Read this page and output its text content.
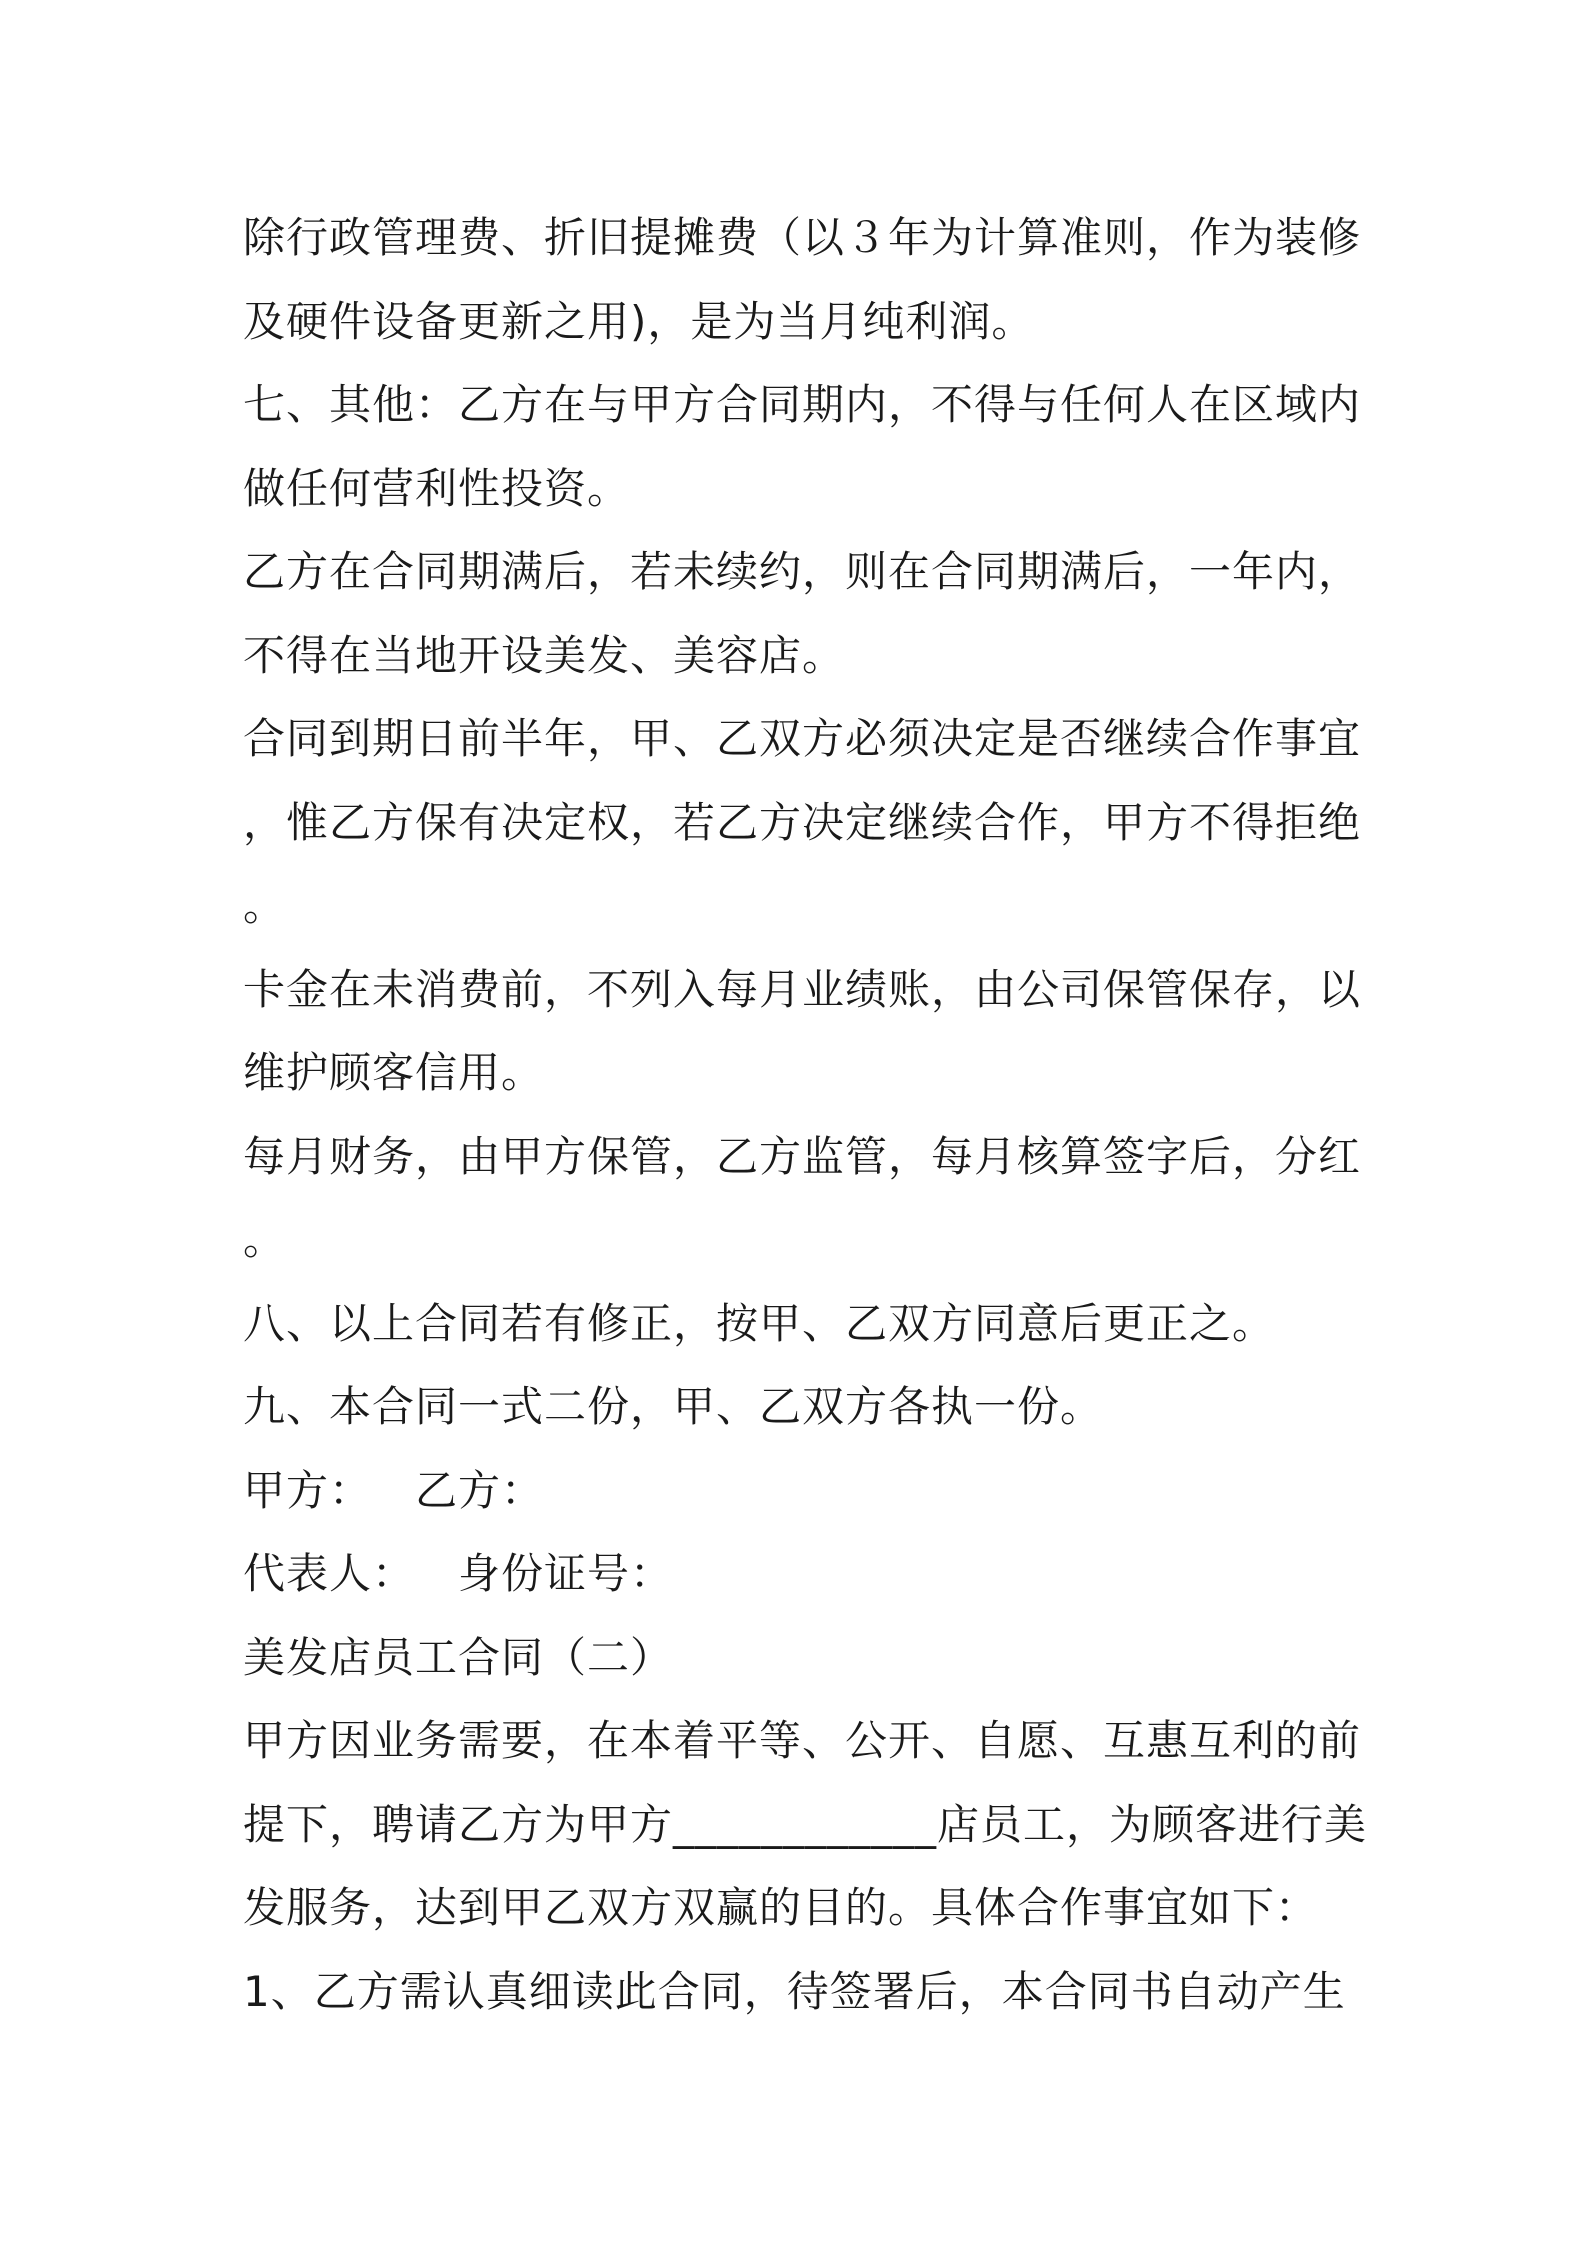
除行政管理费、折旧提摊费（以３年为计算准则，作为装修
及硬件设备更新之用)，是为当月纯利润。
七、其他：乙方在与甲方合同期内，不得与任何人在区域内
做任何营利性投资。
乙方在合同期满后，若未续约，则在合同期满后，一年内，
不得在当地开设美发、美容店。
合同到期日前半年，甲、乙双方必须决定是否继续合作事宜
，惟乙方保有决定权，若乙方决定继续合作，甲方不得拒绝
。
卡金在未消费前，不列入每月业绩账，由公司保管保存，以
维护顾客信用。
每月财务，由甲方保管，乙方监管，每月核算签字后，分红
。
八、以上合同若有修正，按甲、乙双方同意后更正之。
九、本合同一式二份，甲、乙双方各执一份。
甲方：   乙方：
代表人：   身份证号：
美发店员工合同（二）
甲方因业务需要，在本着平等、公开、自愿、互惠互利的前
提下，聘请乙方为甲方____________店员工，为顾客进行美
发服务，达到甲乙双方双赢的目的。具体合作事宜如下：
1、乙方需认真细读此合同，待签署后，本合同书自动产生
